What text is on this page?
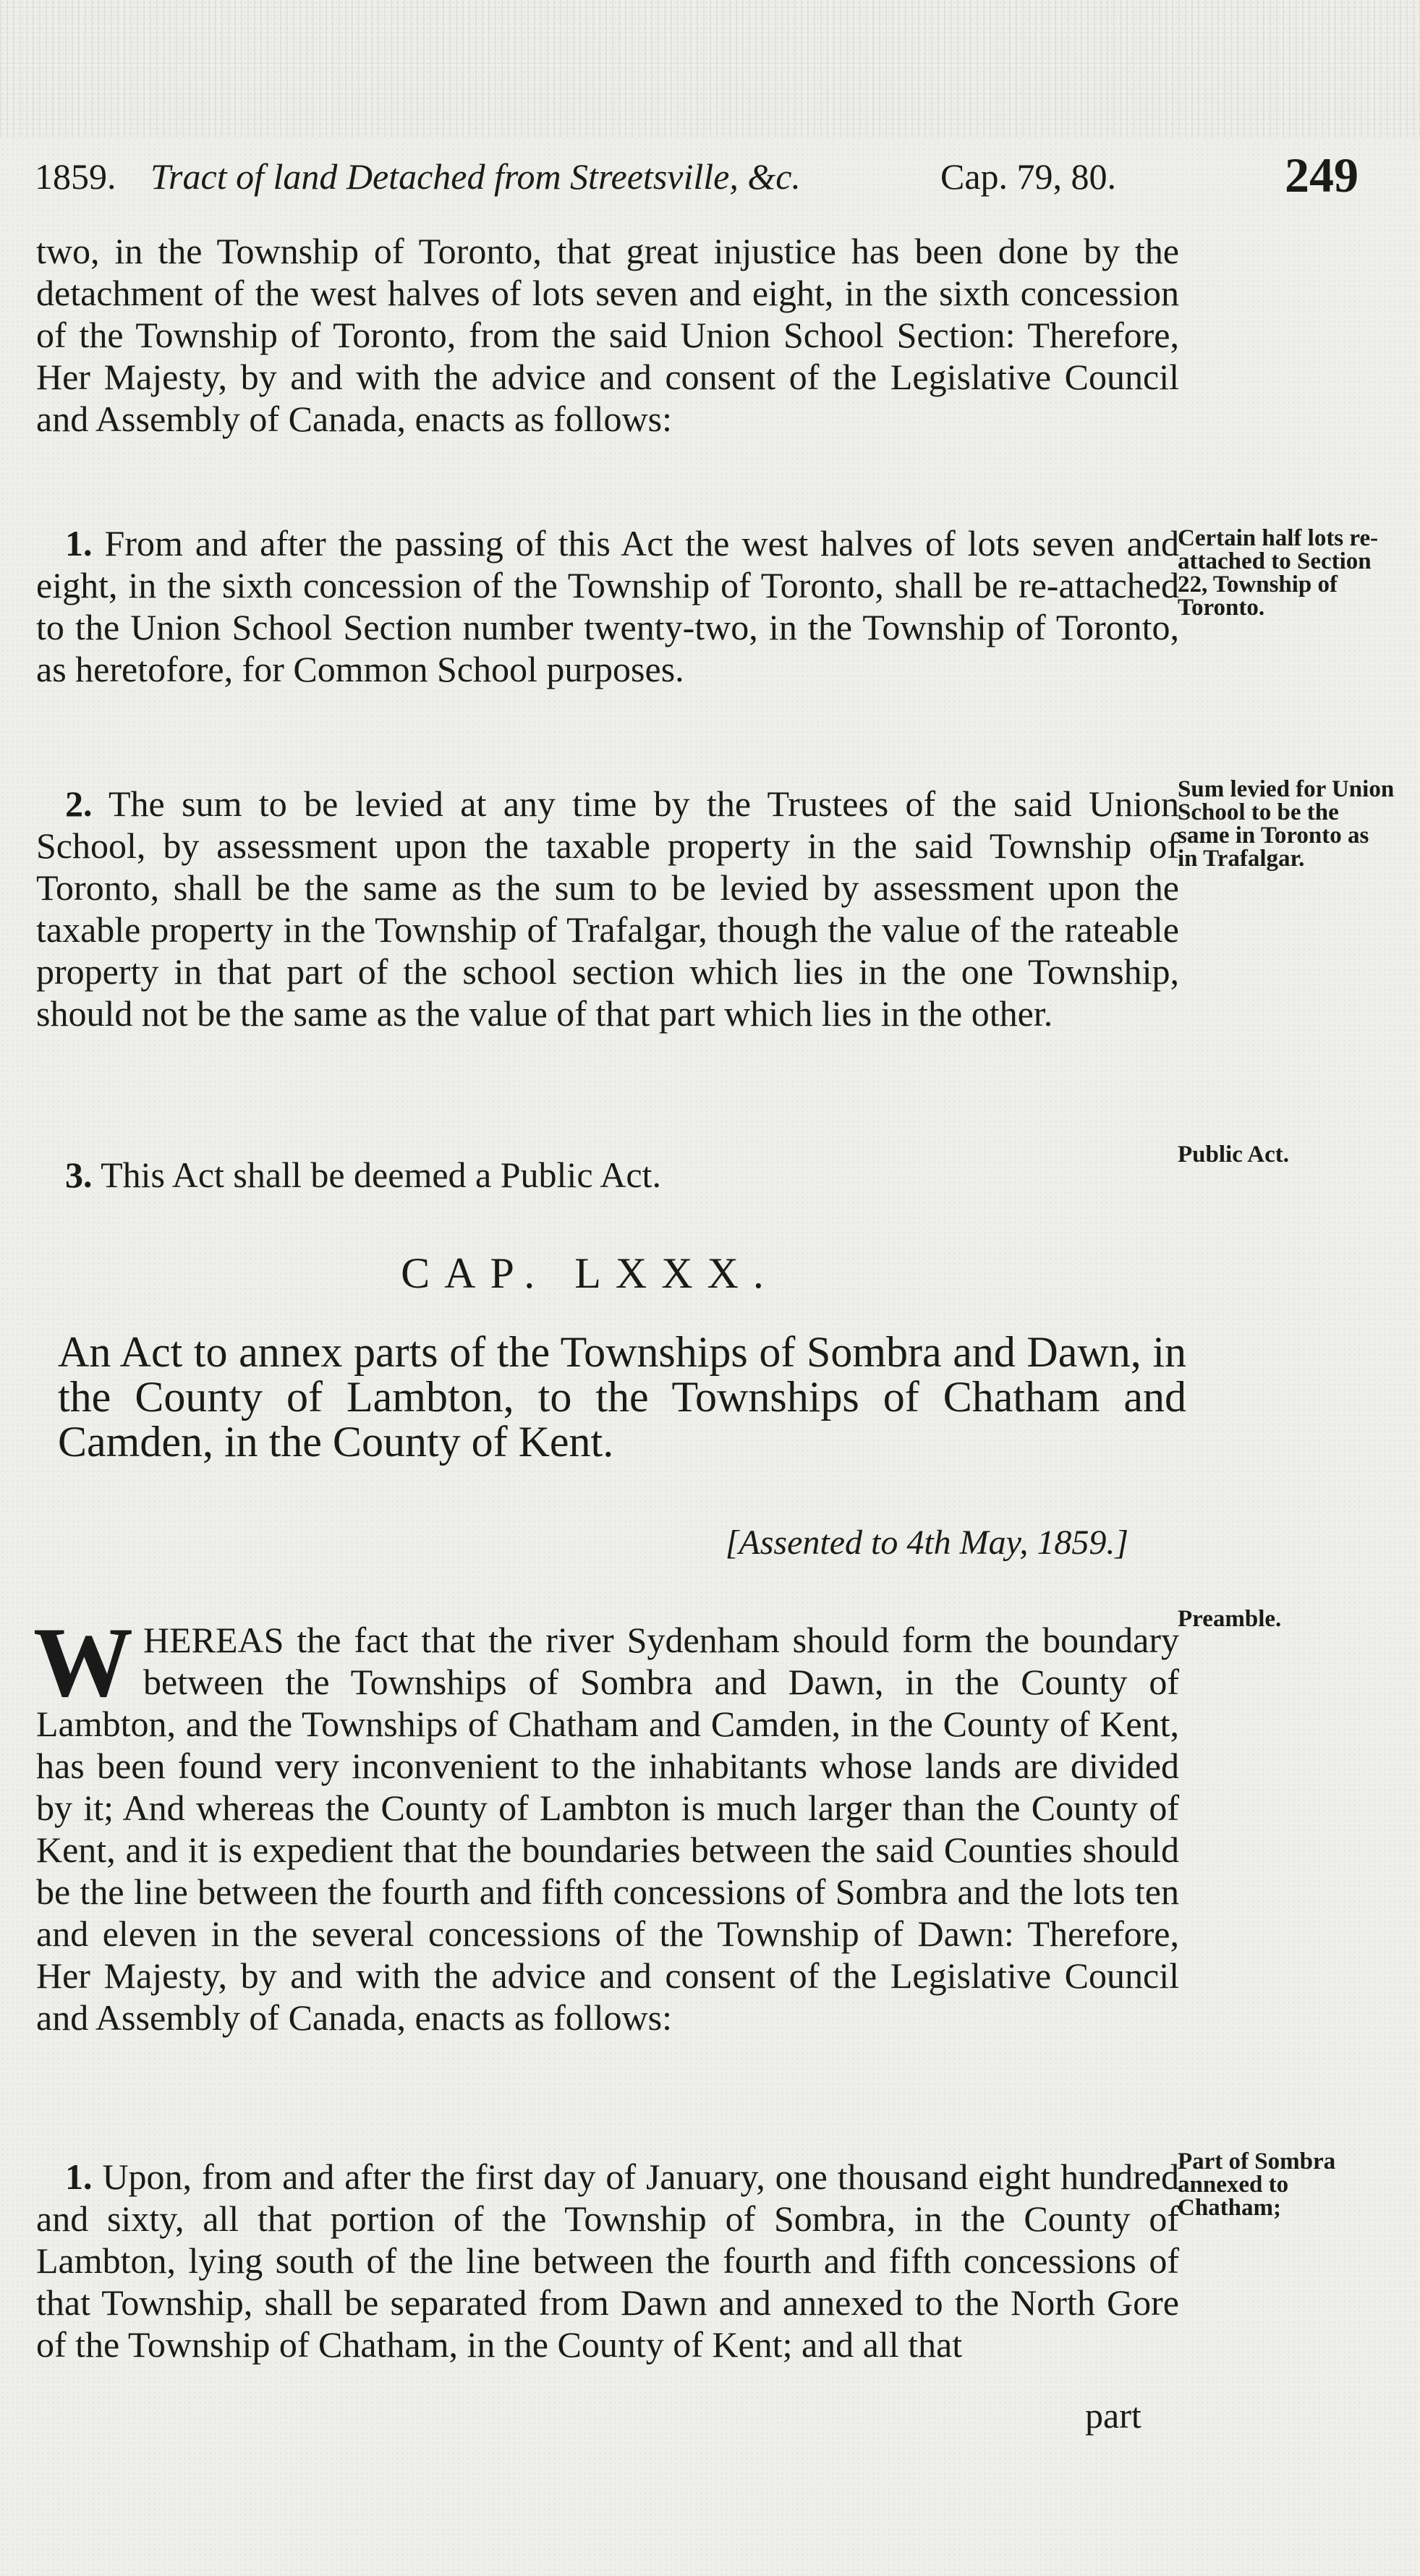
1859. Tract of land Detached from Streetsville, &c.	Cap. 79, 80.	249
two, in the Township of Toronto, that great injustice has been done by the detachment of the west halves of lots seven and eight, in the sixth concession of the Township of Toronto, from the said Union School Section: Therefore, Her Majesty, by and with the advice and consent of the Legislative Council and Assembly of Canada, enacts as follows:
1. From and after the passing of this Act the west halves of lots seven and eight, in the sixth concession of the Township of Toronto, shall be re-attached to the Union School Section number twenty-two, in the Township of Toronto, as heretofore, for Common School purposes.
Certain half lots re-attached to Section 22, Township of Toronto.
2. The sum to be levied at any time by the Trustees of the said Union School, by assessment upon the taxable property in the said Township of Toronto, shall be the same as the sum to be levied by assessment upon the taxable property in the Township of Trafalgar, though the value of the rateable property in that part of the school section which lies in the one Township, should not be the same as the value of that part which lies in the other.
Sum levied for Union School to be the same in Toronto as in Trafalgar.
3. This Act shall be deemed a Public Act.	Public Act.
CAP. LXXX.
An Act to annex parts of the Townships of Sombra and Dawn, in the County of Lambton, to the Townships of Chatham and Camden, in the County of Kent.
[Assented to 4th May, 1859.]
W HEREAS the fact that the river Sydenham should form the boundary between the Townships of Sombra and Dawn, in the County of Lambton, and the Townships of Chatham and Camden, in the County of Kent, has been found very inconvenient to the inhabitants whose lands are divided by it; And whereas the County of Lambton is much larger than the County of Kent, and it is expedient that the boundaries between the said Counties should be the line between the fourth and fifth concessions of Sombra and the lots ten and eleven in the several concessions of the Township of Dawn: Therefore, Her Majesty, by and with the advice and consent of the Legislative Council and Assembly of Canada, enacts as follows:
Preamble.
1. Upon, from and after the first day of January, one thousand eight hundred and sixty, all that portion of the Township of Sombra, in the County of Lambton, lying south of the line between the fourth and fifth concessions of that Township, shall be separated from Dawn and annexed to the North Gore of the Township of Chatham, in the County of Kent; and all that
Part of Sombra annexed to Chatham;
part
